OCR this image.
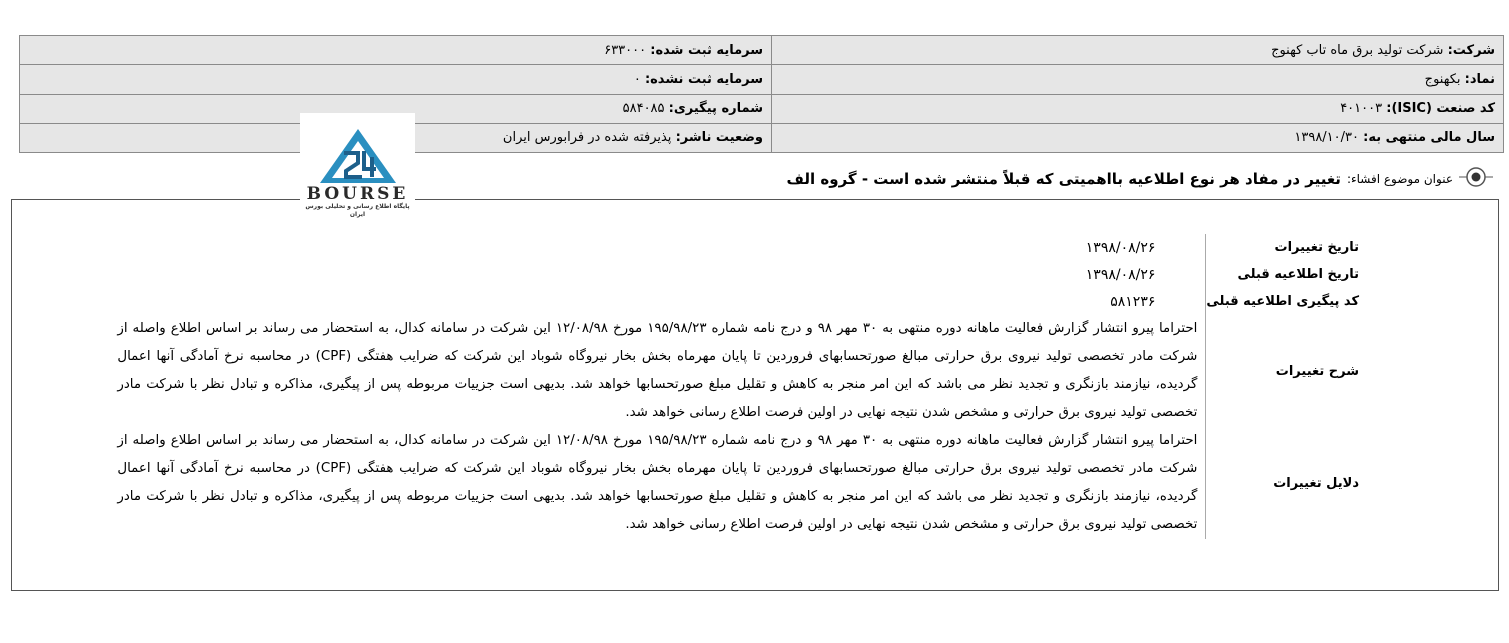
شرکت: شرکت تولید برق ماه تاب کهنوج	سرمایه ثبت شده: ۶۳۳۰۰۰
نماد: بکهنوج	سرمایه ثبت نشده: ۰
کد صنعت (ISIC): ۴۰۱۰۰۳	شماره پیگیری: ۵۸۴۰۸۵
سال مالی منتهی به: ۱۳۹۸/۱۰/۳۰	وضعیت ناشر: پذیرفته شده در فرابورس ایران
عنوان موضوع افشاء:
تغییر در مفاد هر نوع اطلاعیه بااهمیتی که قبلاً منتشر شده است - گروه الف
BOURSE
پایگاه اطلاع رسانی و تحلیلی بورس ایران
تاریخ تغییرات	۱۳۹۸/۰۸/۲۶
تاریخ اطلاعیه قبلی	۱۳۹۸/۰۸/۲۶
کد پیگیری اطلاعیه قبلی	۵۸۱۲۳۶
شرح تغییرات	احتراما پیرو انتشار گزارش فعالیت ماهانه دوره منتهی به ۳۰ مهر ۹۸ و درج نامه شماره ۱۹۵/۹۸/۲۳ مورخ ۱۲/۰۸/۹۸ این شرکت در سامانه کدال، به استحضار می رساند بر اساس اطلاع واصله از شرکت مادر تخصصی تولید نیروی برق حرارتی مبالغ صورتحسابهای فروردین تا پایان مهرماه بخش بخار نیروگاه شوباد این شرکت که ضرایب هفتگی (CPF) در محاسبه نرخ آمادگی آنها اعمال گردیده، نیازمند بازنگری و تجدید نظر می باشد که این امر منجر به کاهش و تقلیل مبلغ صورتحسابها خواهد شد. بدیهی است جزییات مربوطه پس از پیگیری، مذاکره و تبادل نظر با شرکت مادر تخصصی تولید نیروی برق حرارتی و مشخص شدن نتیجه نهایی در اولین فرصت اطلاع رسانی خواهد شد.

دلایل تغییرات	احتراما پیرو انتشار گزارش فعالیت ماهانه دوره منتهی به ۳۰ مهر ۹۸ و درج نامه شماره ۱۹۵/۹۸/۲۳ مورخ ۱۲/۰۸/۹۸ این شرکت در سامانه کدال، به استحضار می رساند بر اساس اطلاع واصله از شرکت مادر تخصصی تولید نیروی برق حرارتی مبالغ صورتحسابهای فروردین تا پایان مهرماه بخش بخار نیروگاه شوباد این شرکت که ضرایب هفتگی (CPF) در محاسبه نرخ آمادگی آنها اعمال گردیده، نیازمند بازنگری و تجدید نظر می باشد که این امر منجر به کاهش و تقلیل مبلغ صورتحسابها خواهد شد. بدیهی است جزییات مربوطه پس از پیگیری، مذاکره و تبادل نظر با شرکت مادر تخصصی تولید نیروی برق حرارتی و مشخص شدن نتیجه نهایی در اولین فرصت اطلاع رسانی خواهد شد.
